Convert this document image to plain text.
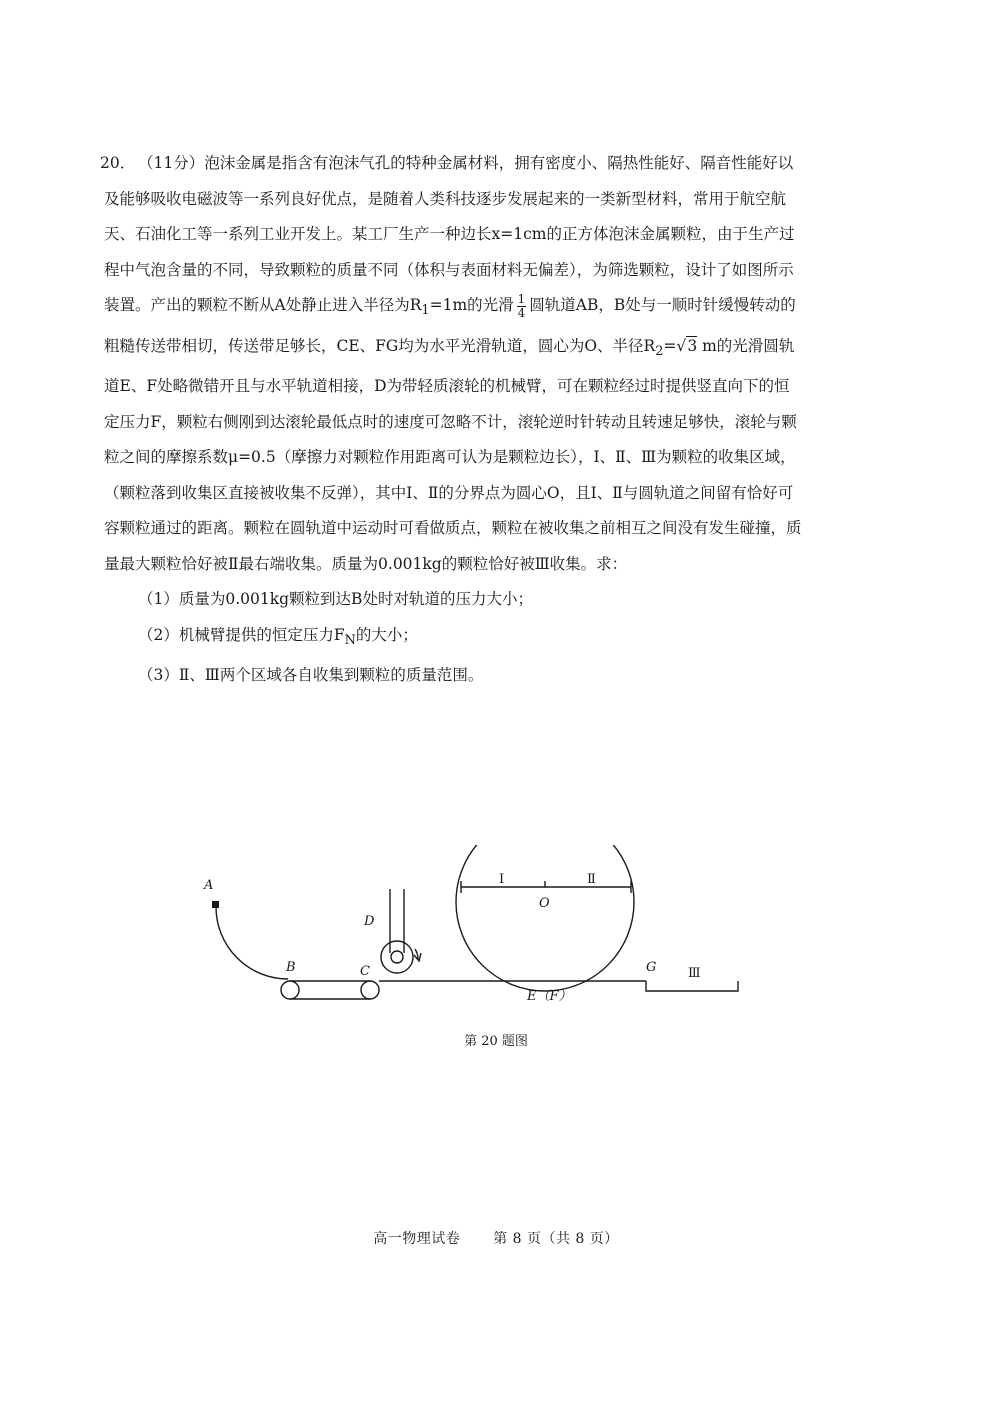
20． （11分）泡沫金属是指含有泡沫气孔的特种金属材料，拥有密度小、隔热性能好、隔音性能好以及能够吸收电磁波等一系列良好优点，是随着人类科技逐步发展起来的一类新型材料，常用于航空航天、石油化工等一系列工业开发上。某工厂生产一种边长x=1cm的正方体泡沫金属颗粒，由于生产过程中气泡含量的不同，导致颗粒的质量不同（体积与表面材料无偏差），为筛选颗粒，设计了如图所示装置。产出的颗粒不断从A处静止进入半径为$R_1=1m$的光滑 $\frac{1}{4}$ 圆轨道AB，B处与一顺时针缓慢转动的粗糙传送带相切，传送带足够长，CE、FG均为水平光滑轨道，圆心为O、半径$R_2=√3$ m的光滑圆轨道E、F处略微错开且与水平轨道相接，D为带轻质滚轮的机械臂，可在颗粒经过时提供竖直向下的恒定压力F，颗粒右侧刚到达滚轮最低点时的速度可忽略不计，滚轮逆时针转动且转速足够快，滚轮与颗粒之间的摩擦系数μ=0.5（摩擦力对颗粒作用距离可认为是颗粒边长），Ⅰ、Ⅱ、Ⅲ为颗粒的收集区域，（颗粒落到收集区直接被收集不反弹），其中Ⅰ、Ⅱ的分界点为圆心O，且Ⅰ、Ⅱ与圆轨道之间留有恰好可容颗粒通过的距离。颗粒在圆轨道中运动时可看做质点，颗粒在被收集之前相互之间没有发生碰撞，质量最大颗粒恰好被Ⅱ最右端收集。质量为0.001kg的颗粒恰好被Ⅲ收集。求：

（1）质量为0.001kg颗粒到达B处时对轨道的压力大小；

（2）机械臂提供的恒定压力$F_N$的大小；

（3）Ⅱ、Ⅲ两个区域各自收集到颗粒的质量范围。

A
B	C
D
E（F）
G
O
Ⅰ	Ⅱ
Ⅲ
第 20 题图
高一物理试卷 第 8 页（共 8 页）
